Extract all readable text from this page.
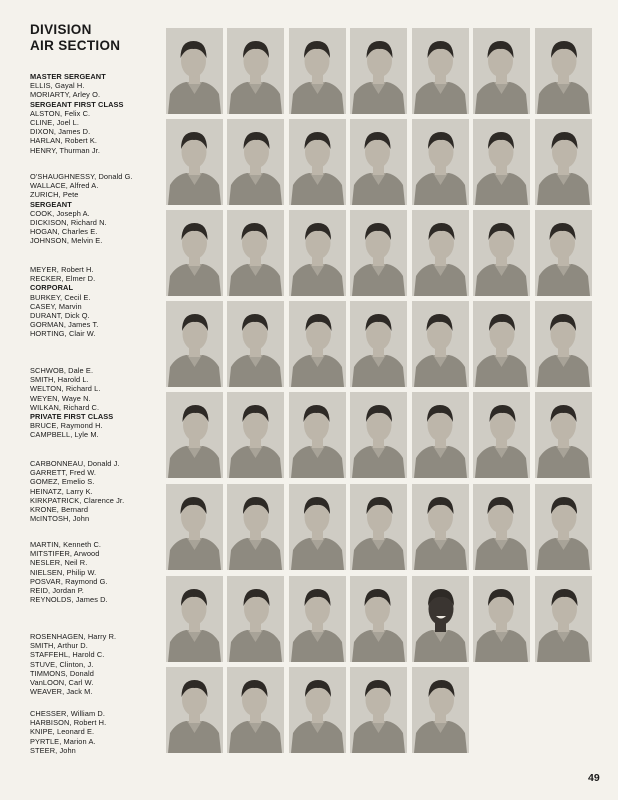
DIVISION
AIR SECTION
MASTER SERGEANT
ELLIS, Gayal H.
MORIARTY, Arley O.
SERGEANT FIRST CLASS
ALSTON, Felix C.
CLINE, Joel L.
DIXON, James D.
HARLAN, Robert K.
HENRY, Thurman Jr.
O'SHAUGHNESSY, Donald G.
WALLACE, Alfred A.
ZURICH, Pete
SERGEANT
COOK, Joseph A.
DICKISON, Richard N.
HOGAN, Charles E.
JOHNSON, Melvin E.
MEYER, Robert H.
RECKER, Elmer D.
CORPORAL
BURKEY, Cecil E.
CASEY, Marvin
DURANT, Dick Q.
GORMAN, James T.
HORTING, Clair W.
SCHWOB, Dale E.
SMITH, Harold L.
WELTON, Richard L.
WEYEN, Waye N.
WILKAN, Richard C.
PRIVATE FIRST CLASS
BRUCE, Raymond H.
CAMPBELL, Lyle M.
CARBONNEAU, Donald J.
GARRETT, Fred W.
GOMEZ, Emelio S.
HEINATZ, Larry K.
KIRKPATRICK, Clarence Jr.
KRONE, Bernard
McINTOSH, John
MARTIN, Kenneth C.
MITSTIFER, Arwood
NESLER, Neil R.
NIELSEN, Philip W.
POSVAR, Raymond G.
REID, Jordan P.
REYNOLDS, James D.
ROSENHAGEN, Harry R.
SMITH, Arthur D.
STAFFEHL, Harold C.
STUVE, Clinton, J.
TIMMONS, Donald
VanLOON, Carl W.
WEAVER, Jack M.
CHESSER, William D.
HARBISON, Robert H.
KNIPE, Leonard E.
PYRTLE, Marion A.
STEER, John
49
